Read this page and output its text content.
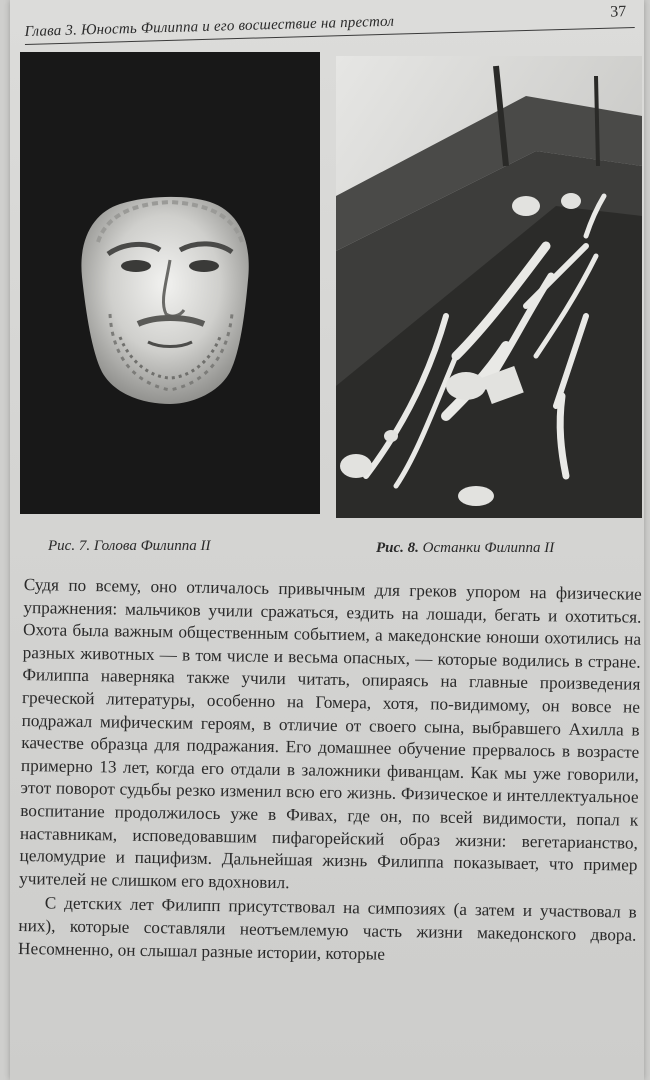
Глава 3. Юность Филиппа и его восшествие на престол
37
Рис. 7. Голова Филиппа II	Рис. 8. Останки Филиппа II

Судя по всему, оно отличалось привычным для греков упором на физические упражнения: мальчиков учили сражаться, ездить на лошади, бегать и охотиться. Охота была важным общественным событием, а македонские юноши охотились на разных животных — в том числе и весьма опасных, — которые водились в стране. Филиппа наверняка также учили читать, опираясь на главные произведения греческой литературы, особенно на Гомера, хотя, по-видимому, он вовсе не подражал мифическим героям, в отличие от своего сына, выбравшего Ахилла в качестве образца для подражания. Его домашнее обучение прервалось в возрасте примерно 13 лет, когда его отдали в заложники фиванцам. Как мы уже говорили, этот поворот судьбы резко изменил всю его жизнь. Физическое и интеллектуальное воспитание продолжилось уже в Фивах, где он, по всей видимости, попал к наставникам, исповедовавшим пифагорейский образ жизни: вегетарианство, целомудрие и пацифизм. Дальнейшая жизнь Филиппа показывает, что пример учителей не слишком его вдохновил.

С детских лет Филипп присутствовал на симпозиях (а затем и участвовал в них), которые составляли неотъемлемую часть жизни македонского двора. Несомненно, он слышал разные истории, которые
